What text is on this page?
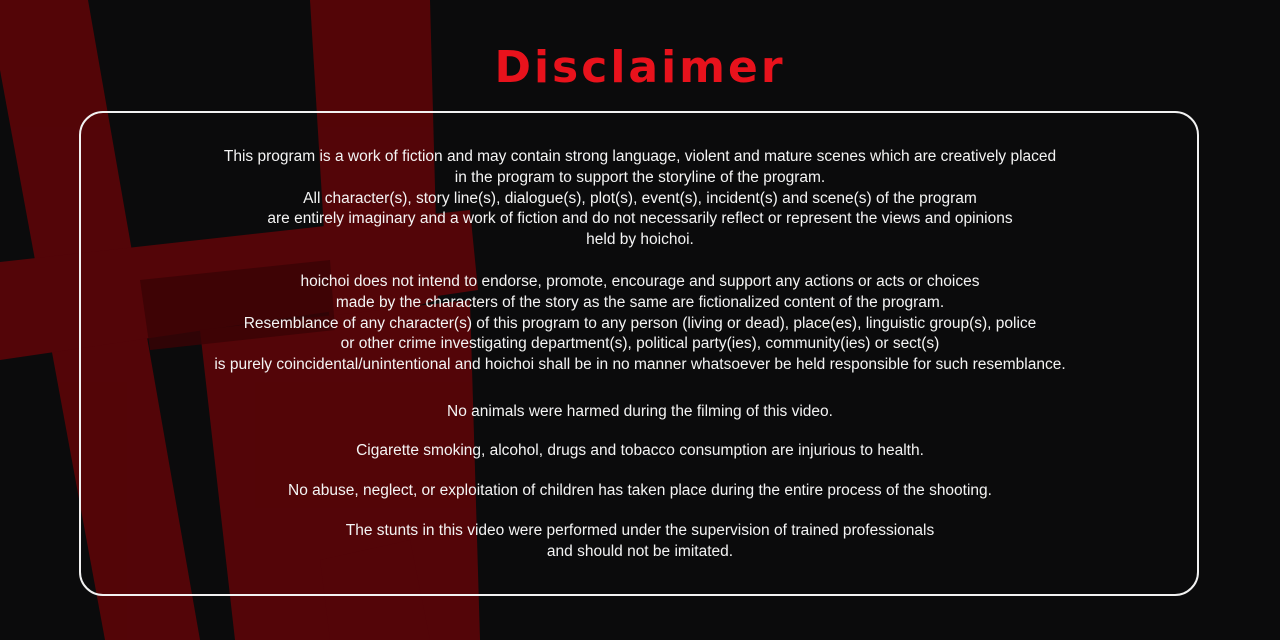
Disclaimer
This program is a work of fiction and may contain strong language, violent and mature scenes which are creatively placed
in the program to support the storyline of the program.
All character(s), story line(s), dialogue(s), plot(s), event(s), incident(s) and scene(s) of the program
are entirely imaginary and a work of fiction and do not necessarily reflect or represent the views and opinions
held by hoichoi.
hoichoi does not intend to endorse, promote, encourage and support any actions or acts or choices
made by the characters of the story as the same are fictionalized content of the program.
Resemblance of any character(s) of this program to any person (living or dead), place(es), linguistic group(s), police
or other crime investigating department(s), political party(ies), community(ies) or sect(s)
is purely coincidental/unintentional and hoichoi shall be in no manner whatsoever be held responsible for such resemblance.
No animals were harmed during the filming of this video.
Cigarette smoking, alcohol, drugs and tobacco consumption are injurious to health.
No abuse, neglect, or exploitation of children has taken place during the entire process of the shooting.
The stunts in this video were performed under the supervision of trained professionals
and should not be imitated.
